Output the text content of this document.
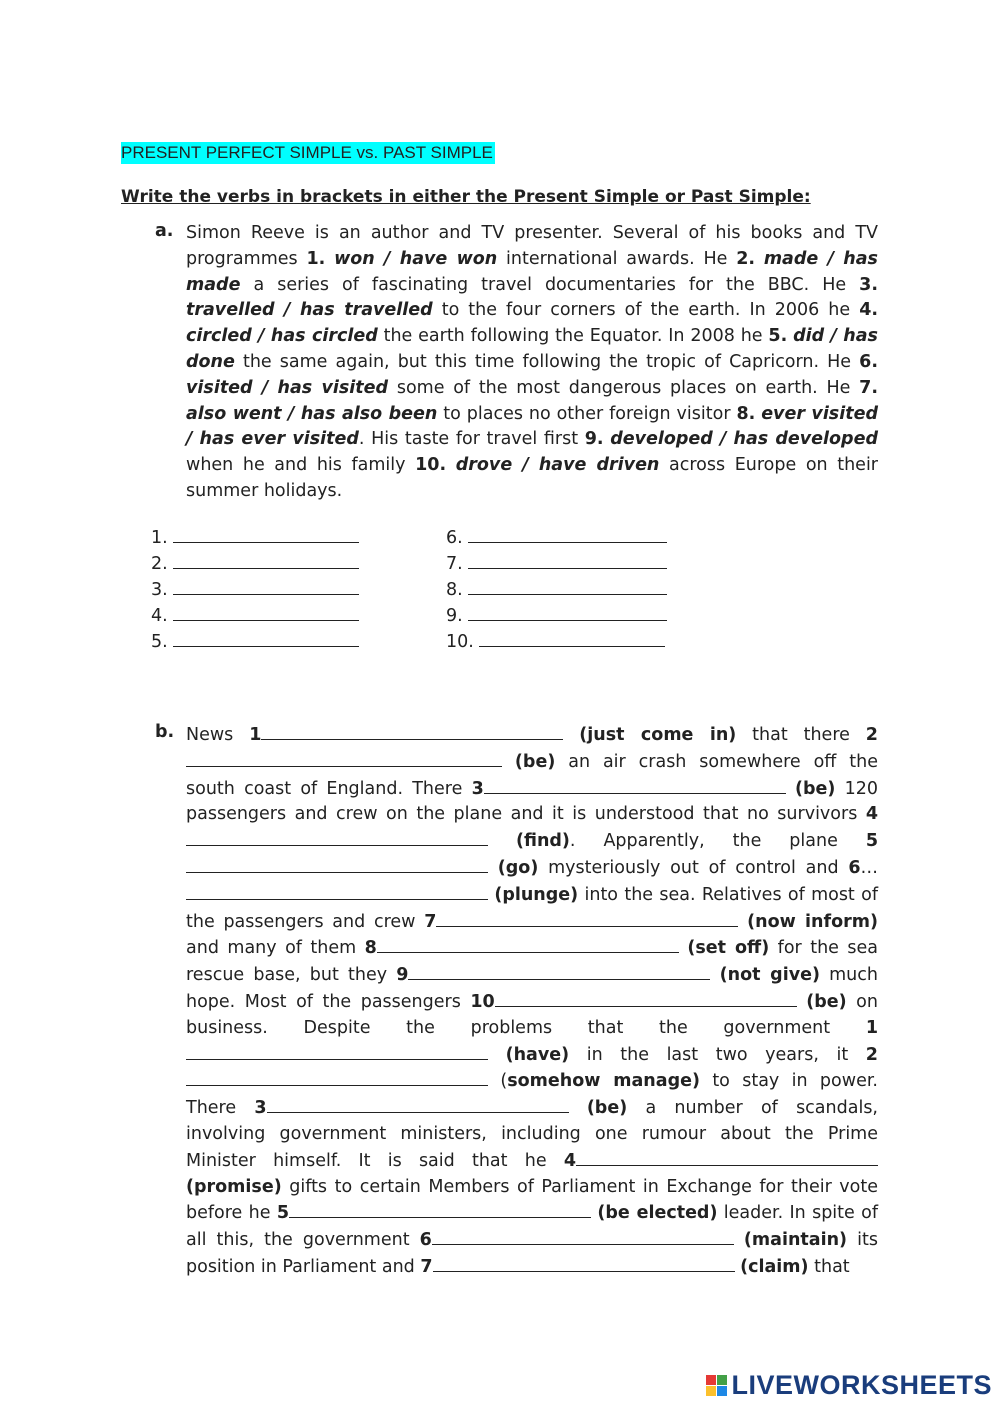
PRESENT PERFECT SIMPLE vs. PAST SIMPLE
Write the verbs in brackets in either the Present Simple or Past Simple:
a. Simon Reeve is an author and TV presenter. Several of his books and TV programmes 1. won / have won international awards. He 2. made / has made a series of fascinating travel documentaries for the BBC. He 3. travelled / has travelled to the four corners of the earth. In 2006 he 4. circled / has circled the earth following the Equator. In 2008 he 5. did / has done the same again, but this time following the tropic of Capricorn. He 6. visited / has visited some of the most dangerous places on earth. He 7. also went / has also been to places no other foreign visitor 8. ever visited / has ever visited. His taste for travel first 9. developed / has developed when he and his family 10. drove / have driven across Europe on their summer holidays.
1.
2.
3.
4.
5.
6.
7.
8.
9.
10.
b. News 1	(just come in) that there 2 (be) an air crash somewhere off the south coast of England. There 3	(be) 120 passengers and crew on the plane and it is understood that no survivors 4 (find). Apparently, the plane 5 (go) mysteriously out of control and 6… (plunge) into the sea. Relatives of most of the passengers and crew 7	(now inform) and many of them 8	(set off) for the sea rescue base, but they 9	(not give) much hope. Most of the passengers 10	(be) on business. Despite the problems that the government 1 (have) in the last two years, it 2 (somehow manage) to stay in power. There 3	(be) a number of scandals, involving government ministers, including one rumour about the Prime Minister himself. It is said that he 4 (promise) gifts to certain Members of Parliament in Exchange for their vote before he 5	(be elected) leader. In spite of all this, the government 6	(maintain) its position in Parliament and 7	(claim) that
LIVEWORKSHEETS
